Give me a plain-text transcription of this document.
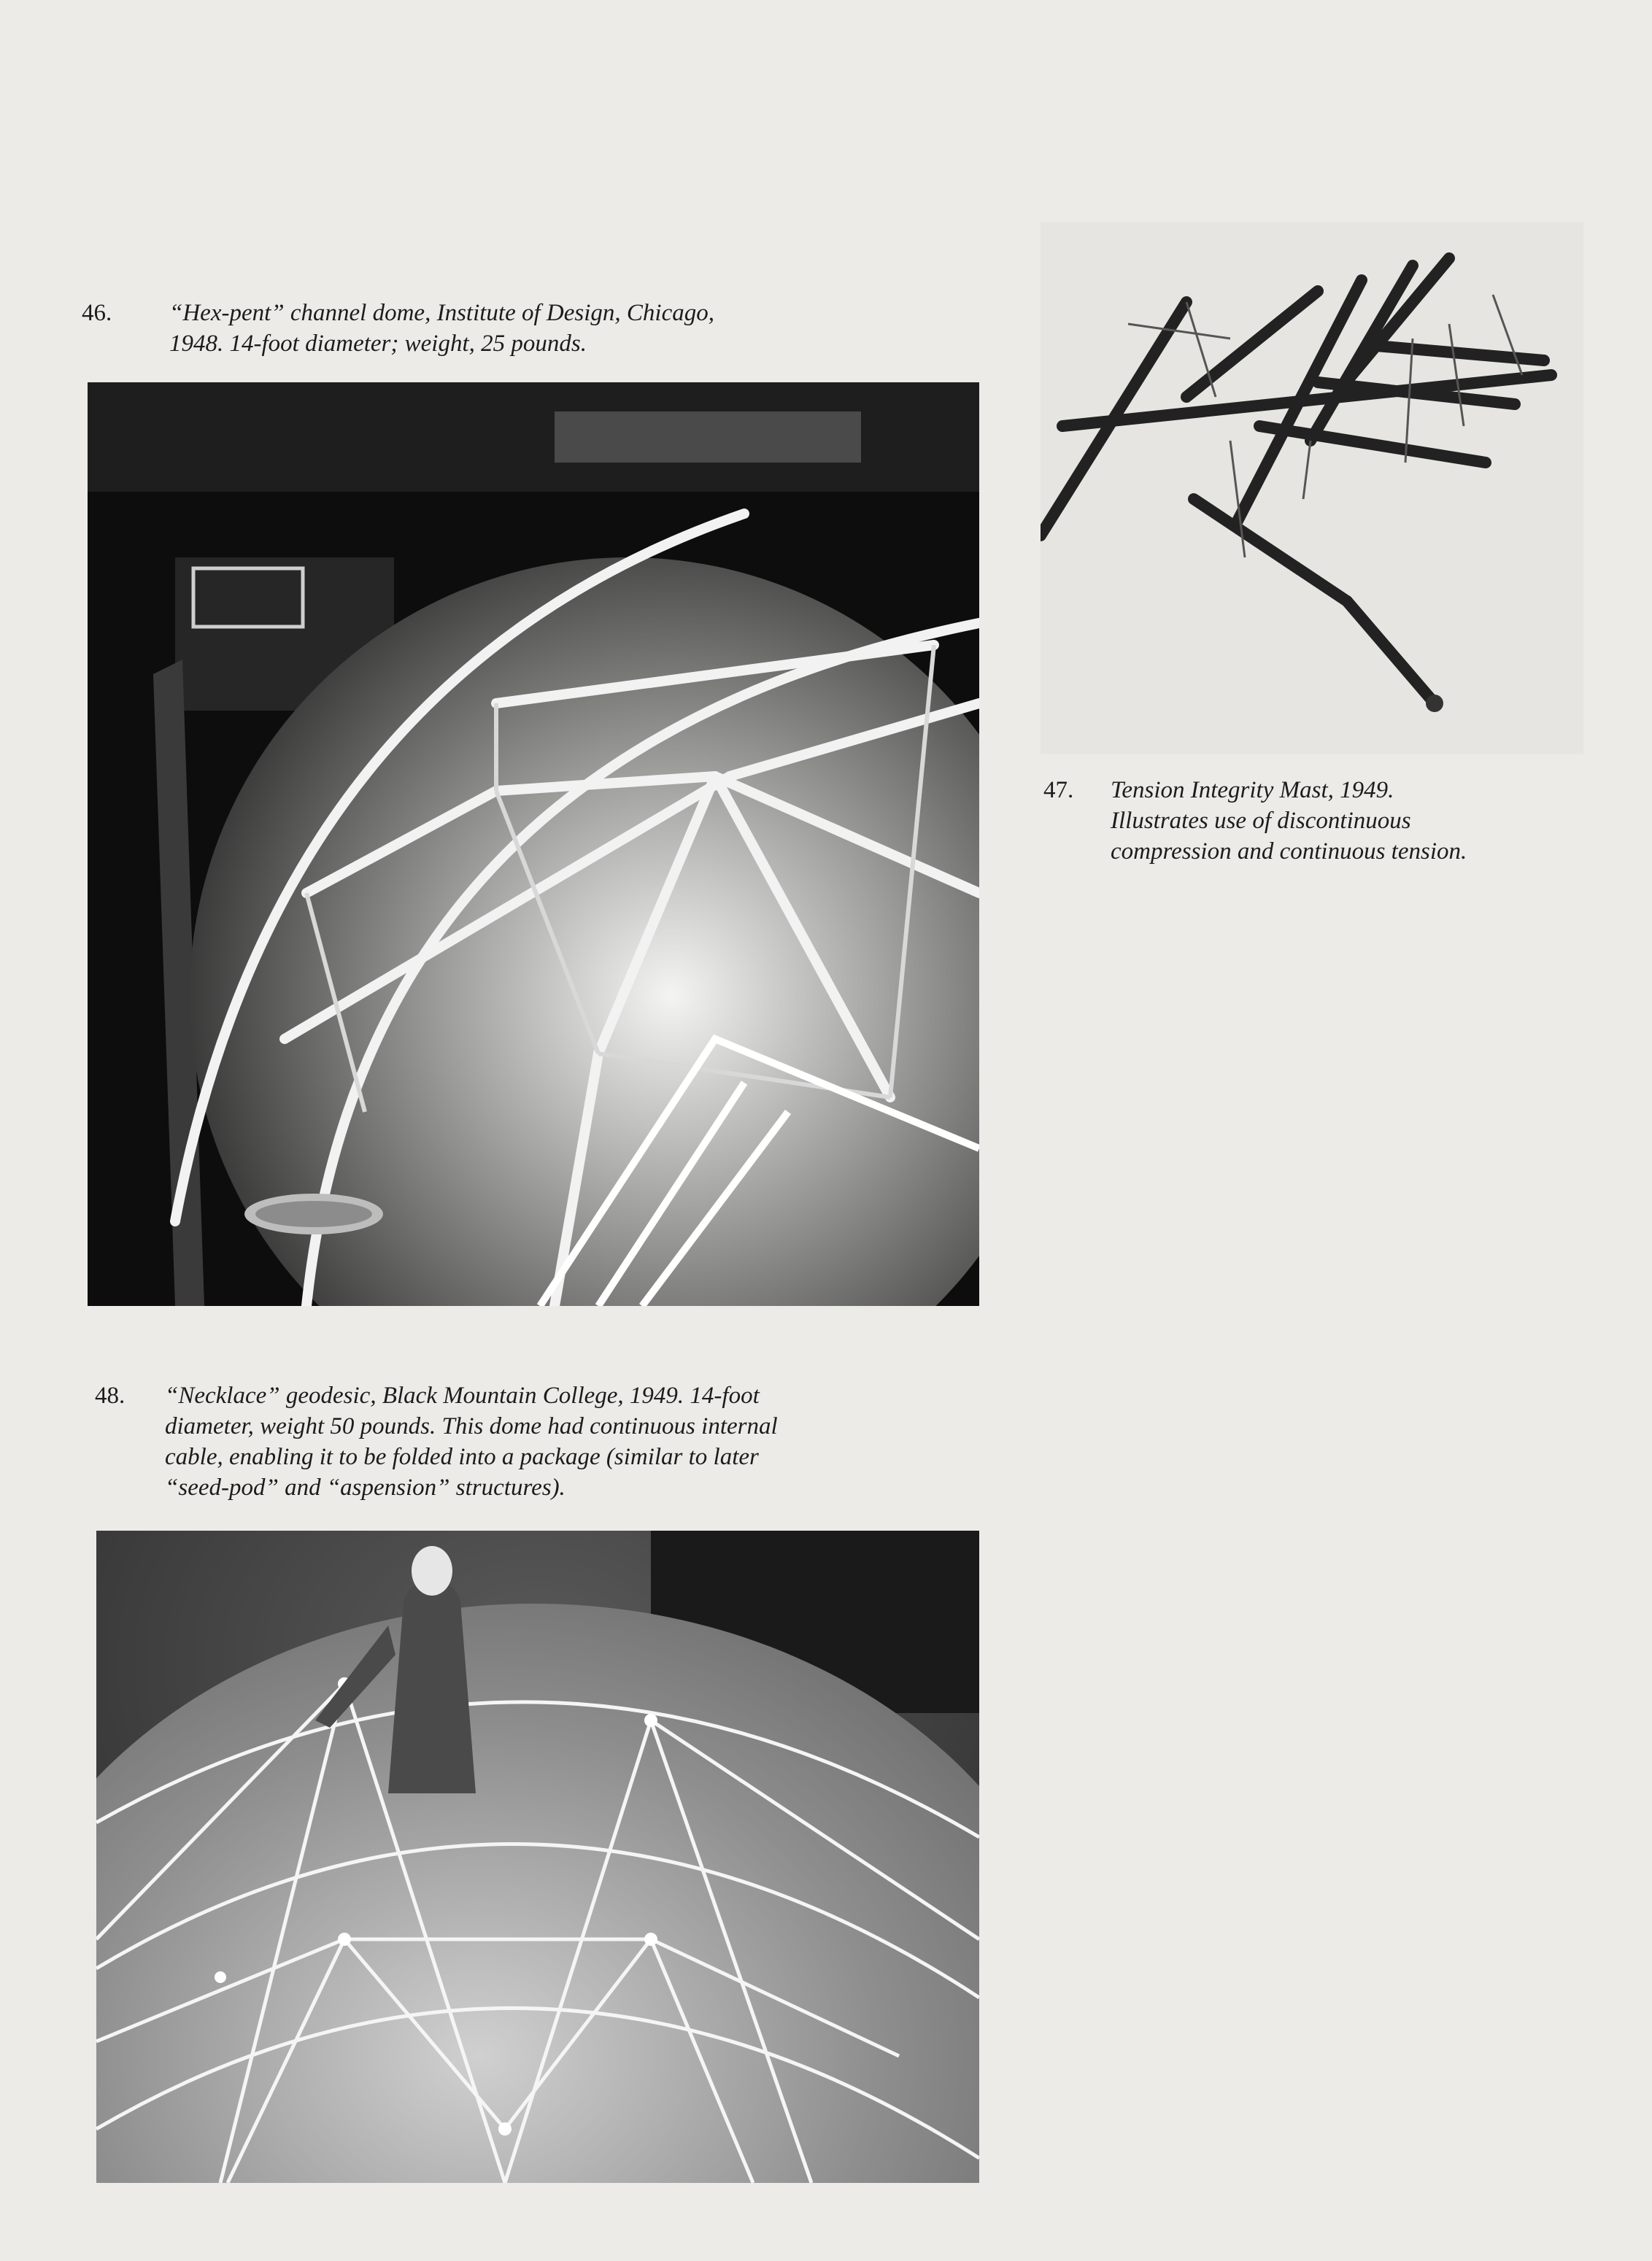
46. “Hex-pent” channel dome, Institute of Design, Chicago,
1948. 14-foot diameter; weight, 25 pounds.
47. Tension Integrity Mast, 1949.
Illustrates use of discontinuous
compression and continuous tension.
48. “Necklace” geodesic, Black Mountain College, 1949. 14-foot
diameter, weight 50 pounds. This dome had continuous internal
cable, enabling it to be folded into a package (similar to later
“seed-pod” and “aspension” structures).
